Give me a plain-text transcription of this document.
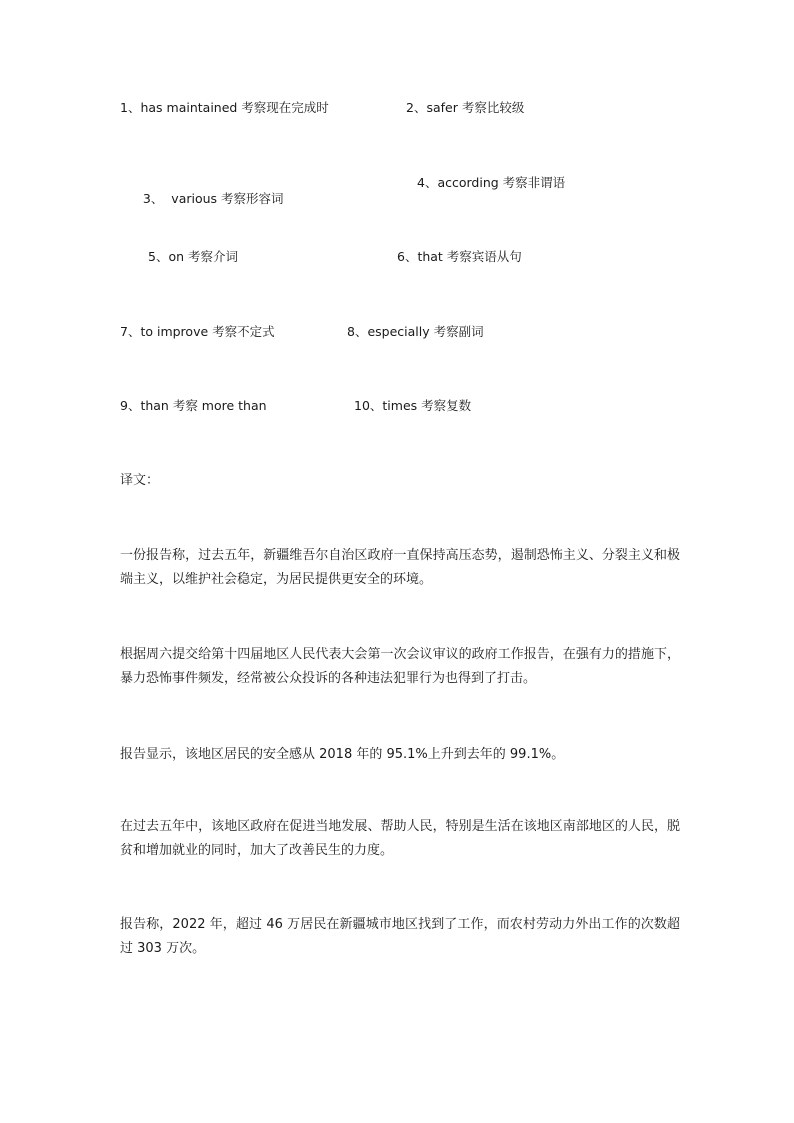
1、has maintained 考察现在完成时	2、safer 考察比较级

3、  various 考察形容词

4、according 考察非谓语
5、on 考察介词	6、that 考察宾语从句
7、to improve 考察不定式	8、especially 考察副词
9、than 考察 more than	10、times 考察复数
译文：
一份报告称，过去五年，新疆维吾尔自治区政府一直保持高压态势，遏制恐怖主义、分裂主义和极端主义，以维护社会稳定，为居民提供更安全的环境。
根据周六提交给第十四届地区人民代表大会第一次会议审议的政府工作报告，在强有力的措施下，暴力恐怖事件频发，经常被公众投诉的各种违法犯罪行为也得到了打击。
报告显示，该地区居民的安全感从 2018 年的 95.1%上升到去年的 99.1%。
在过去五年中，该地区政府在促进当地发展、帮助人民，特别是生活在该地区南部地区的人民，脱贫和增加就业的同时，加大了改善民生的力度。
报告称，2022 年，超过 46 万居民在新疆城市地区找到了工作，而农村劳动力外出工作的次数超过 303 万次。
